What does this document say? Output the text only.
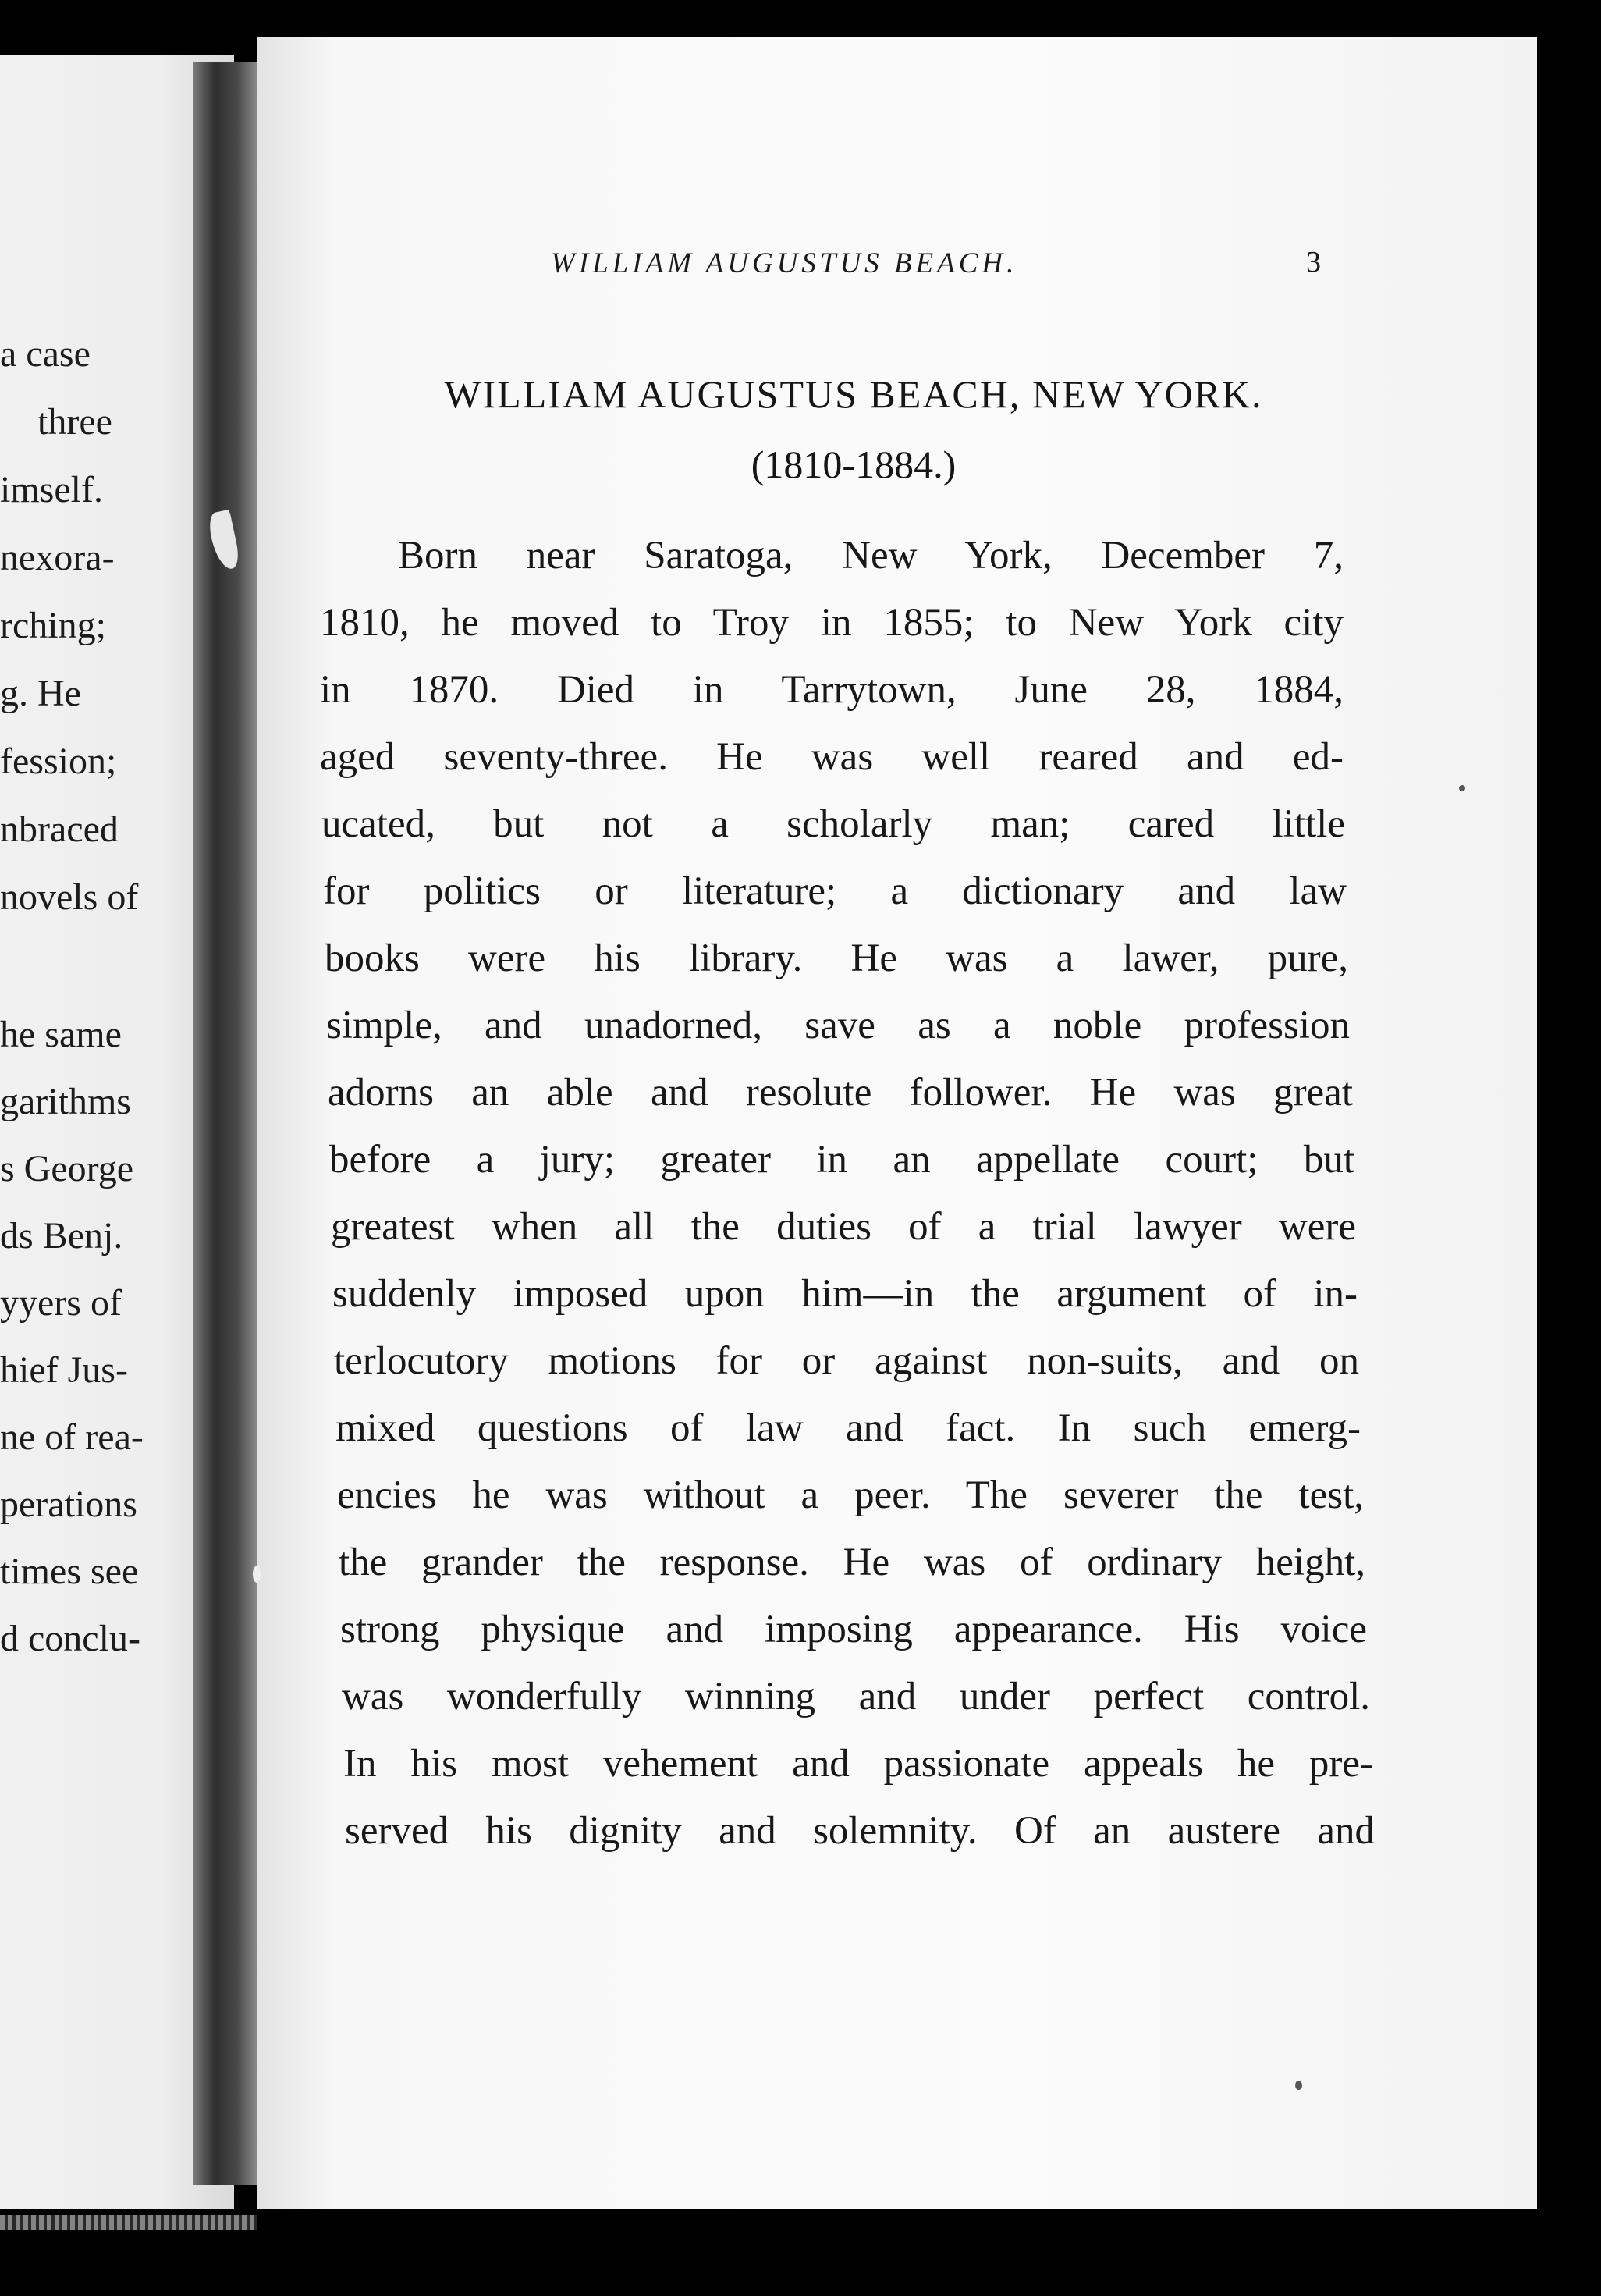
a case
three
imself.
nexora-
rching;
g. He
fession;
nbraced
novels of
he same
garithms
s George
ds Benj.
yyers of
hief Jus-
ne of rea-
perations
times see
d conclu-
WILLIAM AUGUSTUS BEACH.	3
WILLIAM AUGUSTUS BEACH, NEW YORK.
(1810-1884.)
Born near Saratoga, New York, December 7,
1810, he moved to Troy in 1855; to New York city
in 1870. Died in Tarrytown, June 28, 1884,
aged seventy-three. He was well reared and ed-
ucated, but not a scholarly man; cared little
for politics or literature; a dictionary and law
books were his library. He was a lawer, pure,
simple, and unadorned, save as a noble profession
adorns an able and resolute follower. He was great
before a jury; greater in an appellate court; but
greatest when all the duties of a trial lawyer were
suddenly imposed upon him—in the argument of in-
terlocutory motions for or against non-suits, and on
mixed questions of law and fact. In such emerg-
encies he was without a peer. The severer the test,
the grander the response. He was of ordinary height,
strong physique and imposing appearance. His voice
was wonderfully winning and under perfect control.
In his most vehement and passionate appeals he pre-
served his dignity and solemnity. Of an austere and
